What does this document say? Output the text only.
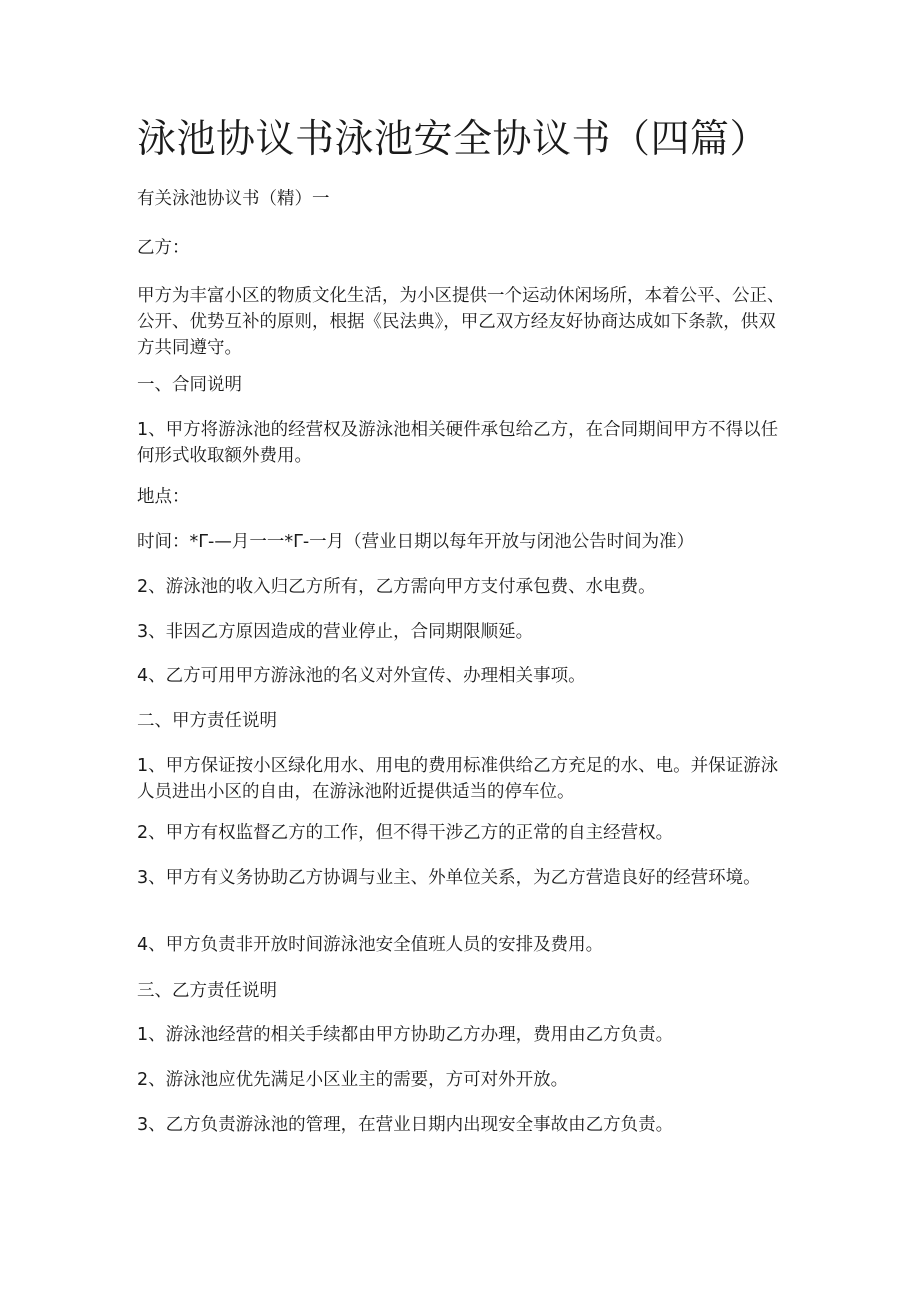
泳池协议书泳池安全协议书（四篇）

有关泳池协议书（精）一

乙方：

甲方为丰富小区的物质文化生活，为小区提供一个运动休闲场所，本着公平、公正、公开、优势互补的原则，根据《民法典》，甲乙双方经友好协商达成如下条款，供双方共同遵守。

一、合同说明

1、甲方将游泳池的经营权及游泳池相关硬件承包给乙方，在合同期间甲方不得以任何形式收取额外费用。

地点：

时间：*Γ-—月一一*Γ-一月（营业日期以每年开放与闭池公告时间为准）

2、游泳池的收入归乙方所有，乙方需向甲方支付承包费、水电费。

3、非因乙方原因造成的营业停止，合同期限顺延。

4、乙方可用甲方游泳池的名义对外宣传、办理相关事项。

二、甲方责任说明

1、甲方保证按小区绿化用水、用电的费用标准供给乙方充足的水、电。并保证游泳人员进出小区的自由，在游泳池附近提供适当的停车位。

2、甲方有权监督乙方的工作，但不得干涉乙方的正常的自主经营权。

3、甲方有义务协助乙方协调与业主、外单位关系，为乙方营造良好的经营环境。

4、甲方负责非开放时间游泳池安全值班人员的安排及费用。

三、乙方责任说明

1、游泳池经营的相关手续都由甲方协助乙方办理，费用由乙方负责。

2、游泳池应优先满足小区业主的需要，方可对外开放。

3、乙方负责游泳池的管理，在营业日期内出现安全事故由乙方负责。
